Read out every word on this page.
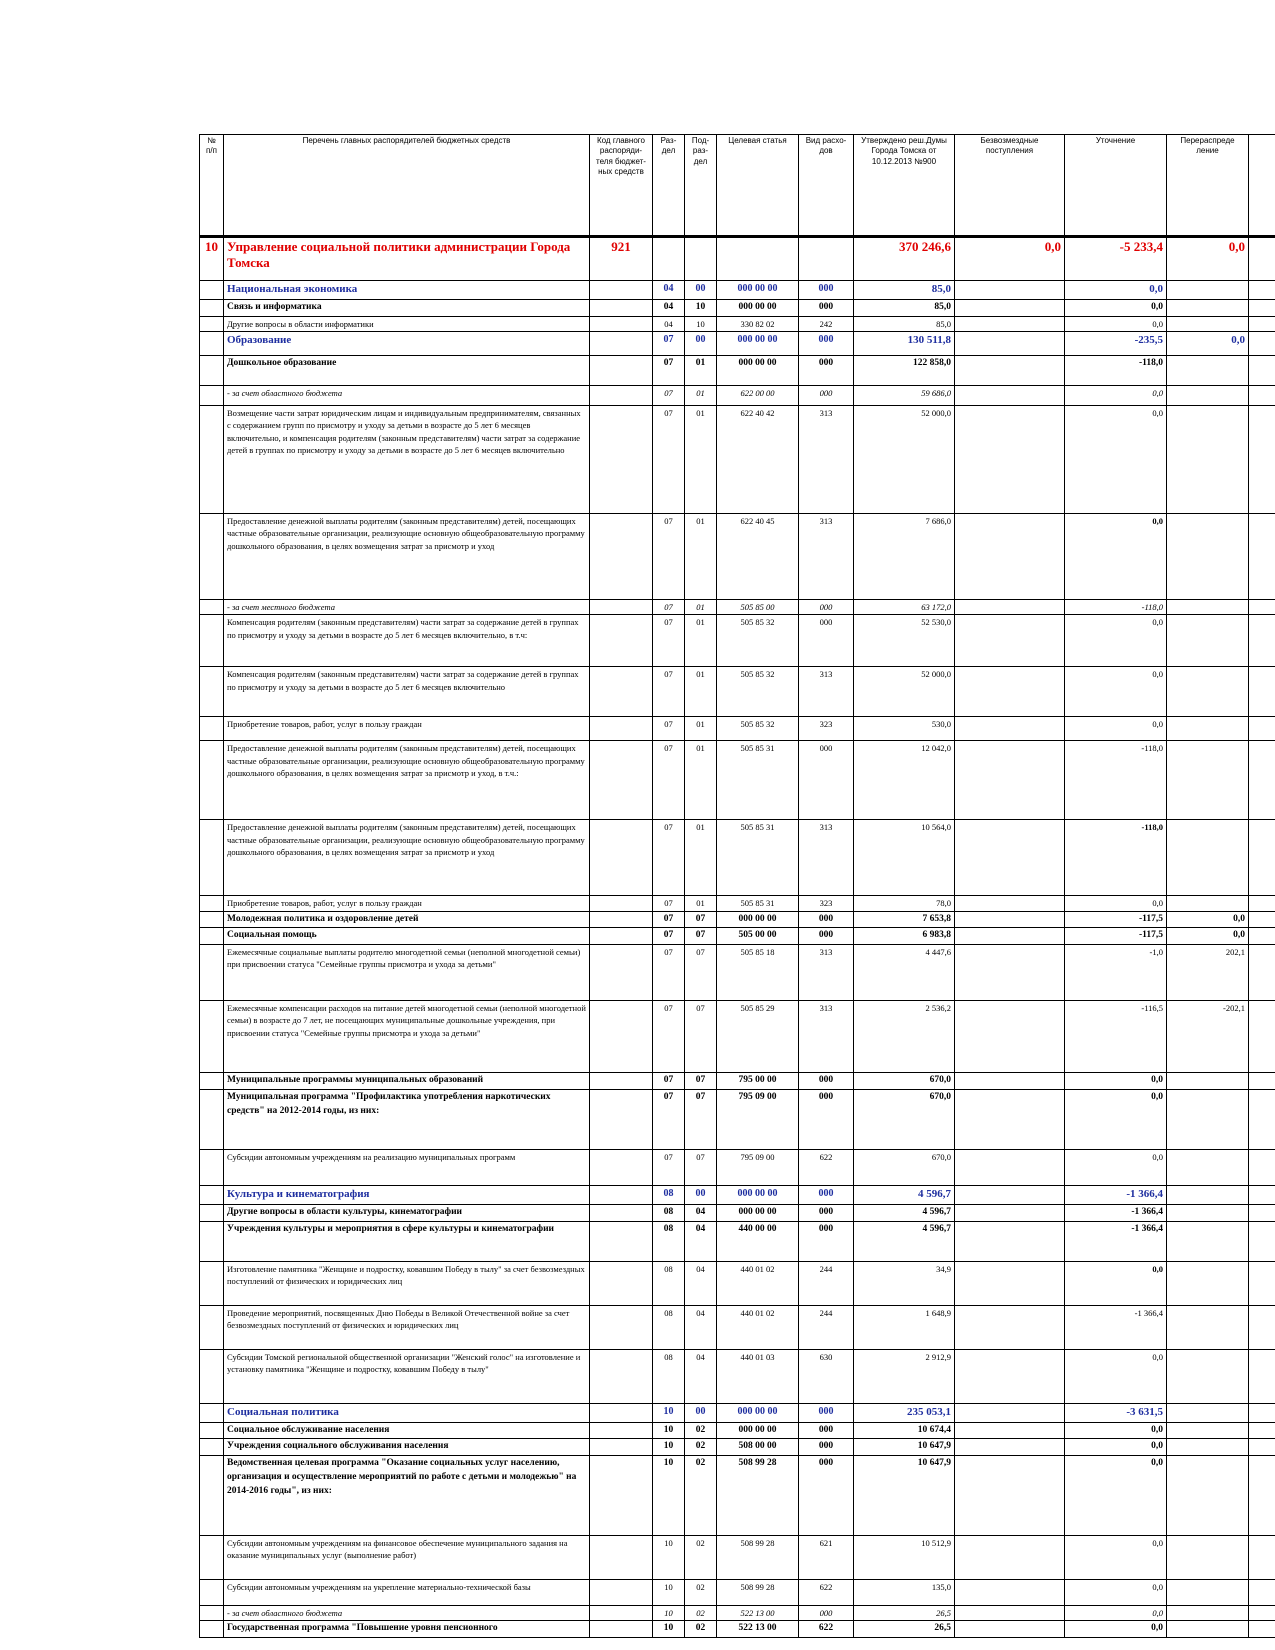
№ п/п	Перечень главных распорядителей бюджетных средств	Код главного распоряди-теля бюджет-ных средств	Раз-дел	Под-раз-дел	Целевая статья	Вид расхо-дов	Утверждено реш.Думы Города Томска от 10.12.2013 №900	Безвозмездные поступления	Уточнение	Перераспреде ление	
10	Управление социальной политики администрации Города Томска	921					370 246,6	0,0	-5 233,4	0,0	
	Национальная экономика		04	00	000 00 00	000	85,0		0,0		
	Связь и информатика		04	10	000 00 00	000	85,0		0,0		
	Другие вопросы в области информатики		04	10	330 82 02	242	85,0		0,0		
	Образование		07	00	000 00 00	000	130 511,8		-235,5	0,0	
	Дошкольное образование		07	01	000 00 00	000	122 858,0		-118,0		
	- за счет областного бюджета		07	01	622 00 00	000	59 686,0		0,0		
	Возмещение части затрат юридическим лицам и индивидуальным предпринимателям, связанных с содержанием групп по присмотру и уходу за детьми в возрасте до 5 лет 6 месяцев включительно, и компенсация родителям (законным представителям) части затрат за содержание детей в группах по присмотру и уходу за детьми в возрасте до 5 лет 6 месяцев включительно		07	01	622 40 42	313	52 000,0		0,0		
	Предоставление денежной выплаты родителям (законным представителям) детей, посещающих частные образовательные организации, реализующие основную общеобразовательную программу дошкольного образования, в целях возмещения затрат за присмотр и уход		07	01	622 40 45	313	7 686,0		0,0		
	- за счет местного бюджета		07	01	505 85 00	000	63 172,0		-118,0		
	Компенсация родителям (законным представителям) части затрат за содержание детей в группах по присмотру и уходу за детьми в возрасте до 5 лет 6 месяцев включительно, в т.ч:		07	01	505 85 32	000	52 530,0		0,0		
	Компенсация родителям (законным представителям) части затрат за содержание детей в группах по присмотру и уходу за детьми в возрасте до 5 лет 6 месяцев включительно		07	01	505 85 32	313	52 000,0		0,0		
	Приобретение товаров, работ, услуг в пользу граждан		07	01	505 85 32	323	530,0		0,0		
	Предоставление денежной выплаты родителям (законным представителям) детей, посещающих частные образовательные организации, реализующие основную общеобразовательную программу дошкольного образования, в целях возмещения затрат за присмотр и уход, в т.ч.:		07	01	505 85 31	000	12 042,0		-118,0		
	Предоставление денежной выплаты родителям (законным представителям) детей, посещающих частные образовательные организации, реализующие основную общеобразовательную программу дошкольного образования, в целях возмещения затрат за присмотр и уход		07	01	505 85 31	313	10 564,0		-118,0		
	Приобретение товаров, работ, услуг в пользу граждан		07	01	505 85 31	323	78,0		0,0		
	Молодежная политика и оздоровление детей		07	07	000 00 00	000	7 653,8		-117,5	0,0	
	Социальная помощь		07	07	505 00 00	000	6 983,8		-117,5	0,0	
	Ежемесячные социальные выплаты родителю многодетной семьи (неполной многодетной семьи) при присвоении статуса "Семейные группы присмотра и ухода за детьми"		07	07	505 85 18	313	4 447,6		-1,0	202,1	
	Ежемесячные компенсации расходов на питание детей многодетной семьи (неполной многодетной семьи) в возрасте до 7 лет, не посещающих муниципальные дошкольные учреждения, при присвоении статуса "Семейные группы присмотра и ухода за детьми"		07	07	505 85 29	313	2 536,2		-116,5	-202,1	
	Муниципальные программы муниципальных образований		07	07	795 00 00	000	670,0		0,0		
	Муниципальная программа "Профилактика употребления наркотических средств" на 2012-2014 годы, из них:		07	07	795 09 00	000	670,0		0,0		
	Субсидии автономным учреждениям на реализацию муниципальных программ		07	07	795 09 00	622	670,0		0,0		
	Культура и кинематография		08	00	000 00 00	000	4 596,7		-1 366,4		
	Другие вопросы в области культуры, кинематографии		08	04	000 00 00	000	4 596,7		-1 366,4		
	Учреждения культуры и мероприятия в сфере культуры и кинематографии		08	04	440 00 00	000	4 596,7		-1 366,4		
	Изготовление памятника "Женщине и подростку, ковавшим Победу в тылу" за счет безвозмездных поступлений от физических и юридических лиц		08	04	440 01 02	244	34,9		0,0		
	Проведение мероприятий, посвященных Дню Победы в Великой Отечественной войне за счет безвозмездных поступлений от физических и юридических лиц		08	04	440 01 02	244	1 648,9		-1 366,4		
	Субсидии Томской региональной общественной организации "Женский голос" на изготовление и установку памятника "Женщине и подростку, ковавшим Победу в тылу"		08	04	440 01 03	630	2 912,9		0,0		
	Социальная политика		10	00	000 00 00	000	235 053,1		-3 631,5		
	Социальное обслуживание населения		10	02	000 00 00	000	10 674,4		0,0		
	Учреждения социального обслуживания населения		10	02	508 00 00	000	10 647,9		0,0		
	Ведомственная целевая программа "Оказание социальных услуг населению, организация и осуществление мероприятий по работе с детьми и молодежью" на 2014-2016 годы", из них:		10	02	508 99 28	000	10 647,9		0,0		
	Субсидии автономным учреждениям на финансовое обеспечение муниципального задания на оказание муниципальных услуг (выполнение работ)		10	02	508 99 28	621	10 512,9		0,0		
	Субсидии автономным учреждениям на укрепление материально-технической базы		10	02	508 99 28	622	135,0		0,0		
	- за счет областного бюджета		10	02	522 13 00	000	26,5		0,0		
	Государственная программа "Повышение уровня пенсионного		10	02	522 13 00	622	26,5		0,0		
